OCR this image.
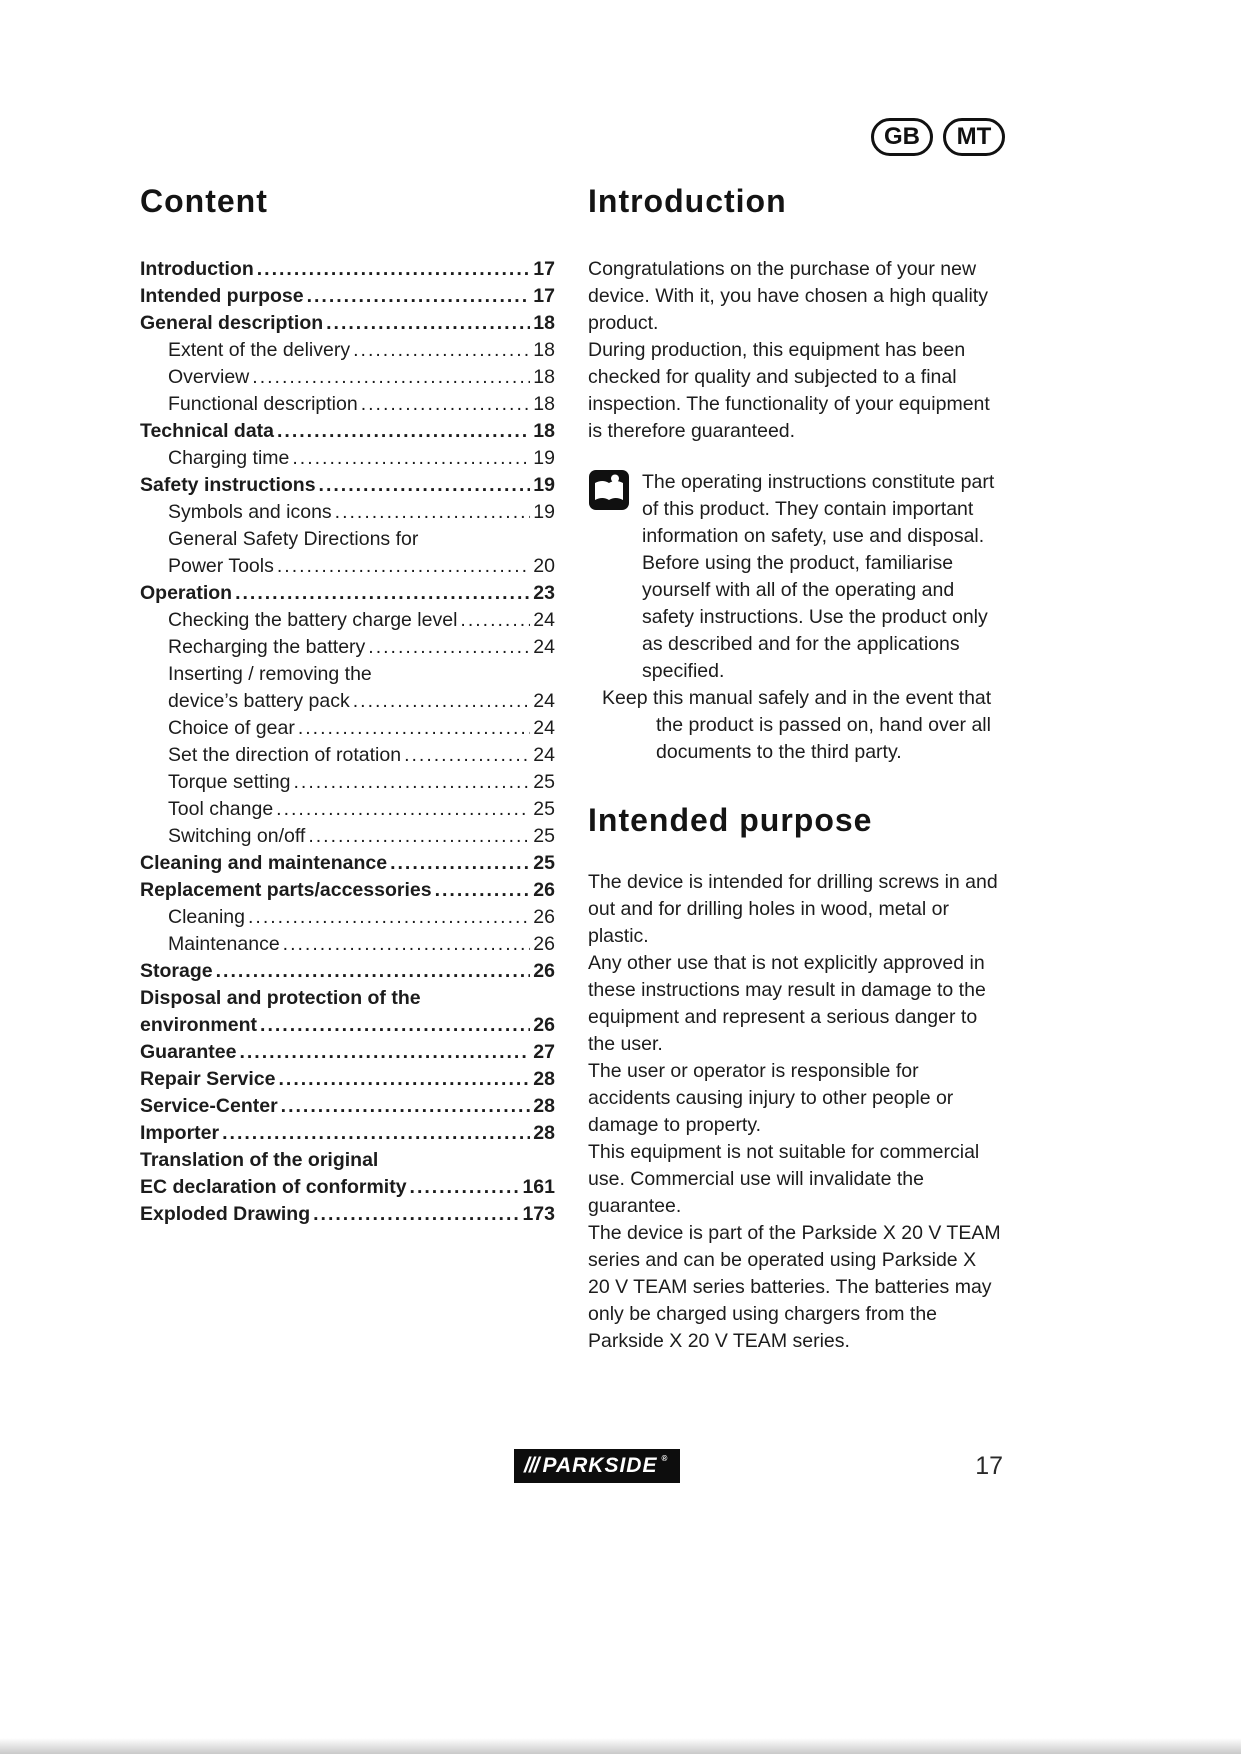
GB	MT
Content
Introduction .....	17
Intended purpose .....	17
General description .....	18
Extent of the delivery .....	18
Overview .....	18
Functional description .....	18
Technical data .....	18
Charging time .....	19
Safety instructions .....	19
Symbols and icons .....	19
General Safety Directions for
Power Tools .....	20
Operation .....	23
Checking the battery charge level .....	24
Recharging the battery .....	24
Inserting / removing the
device’s battery pack .....	24
Choice of gear .....	24
Set the direction of rotation .....	24
Torque setting .....	25
Tool change .....	25
Switching on/off .....	25
Cleaning and maintenance .....	25
Replacement parts/accessories .....	26
Cleaning .....	26
Maintenance .....	26
Storage .....	26
Disposal and protection of the
environment .....	26
Guarantee .....	27
Repair Service .....	28
Service-Center .....	28
Importer .....	28
Translation of the original
EC declaration of conformity .....	161
Exploded Drawing .....	173
Introduction

Congratulations on the purchase of your new device. With it, you have chosen a high quality product.

During production, this equipment has been checked for quality and subjected to a final inspection. The functionality of your equipment is therefore guaranteed.

The operating instructions constitute part of this product. They contain important information on safety, use and disposal. Before using the product, familiarise yourself with all of the operating and safety instructions. Use the product only as described and for the applications specified.

Keep this manual safely and in the event that the product is passed on, hand over all documents to the third party.

Intended purpose

The device is intended for drilling screws in and out and for drilling holes in wood, metal or plastic.

Any other use that is not explicitly approved in these instructions may result in damage to the equipment and represent a serious danger to the user.

The user or operator is responsible for accidents causing injury to other people or damage to property.

This equipment is not suitable for commercial use. Commercial use will invalidate the guarantee.

The device is part of the Parkside X 20 V TEAM series and can be operated using Parkside X 20 V TEAM series batteries. The batteries may only be charged using chargers from the Parkside X 20 V TEAM series.

/// PARKSIDE ®	17
